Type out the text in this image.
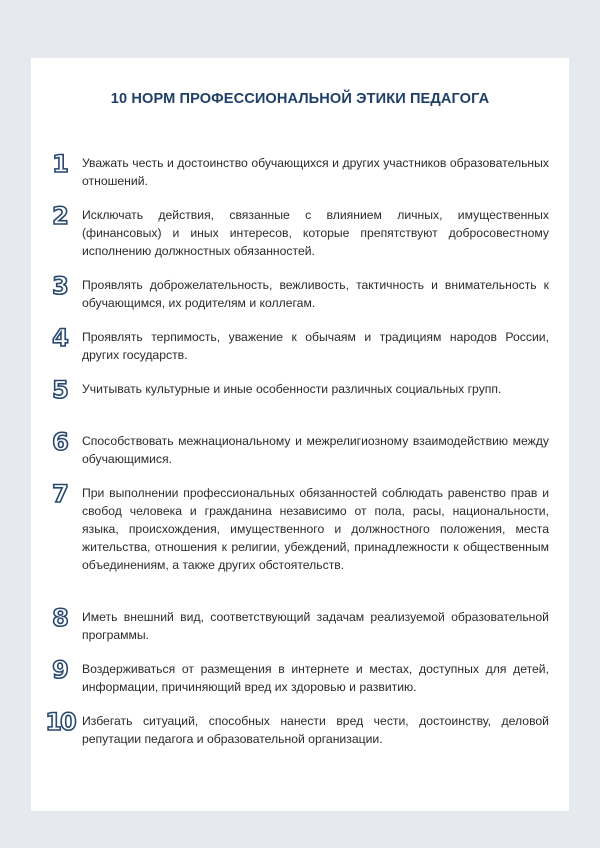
10 НОРМ ПРОФЕССИОНАЛЬНОЙ ЭТИКИ ПЕДАГОГА
1	Уважать честь и достоинство обучающихся и других участников образовательных отношений.
2	Исключать действия, связанные с влиянием личных, имущественных (финансовых) и иных интересов, которые препятствуют добросовестному исполнению должностных обязанностей.
3	Проявлять доброжелательность, вежливость, тактичность и внимательность к обучающимся, их родителям и коллегам.
4	Проявлять терпимость, уважение к обычаям и традициям народов России, других государств.
5	Учитывать культурные и иные особенности различных социальных групп.
6	Способствовать межнациональному и межрелигиозному взаимодействию между обучающимися.
7	При выполнении профессиональных обязанностей соблюдать равенство прав и свобод человека и гражданина независимо от пола, расы, национальности, языка, происхождения, имущественного и должностного положения, места жительства, отношения к религии, убеждений, принадлежности к общественным объединениям, а также других обстоятельств.
8	Иметь внешний вид, соответствующий задачам реализуемой образовательной программы.
9	Воздерживаться от размещения в интернете и местах, доступных для детей, информации, причиняющий вред их здоровью и развитию.
10 Избегать ситуаций, способных нанести вред чести, достоинству, деловой репутации педагога и образовательной организации.
